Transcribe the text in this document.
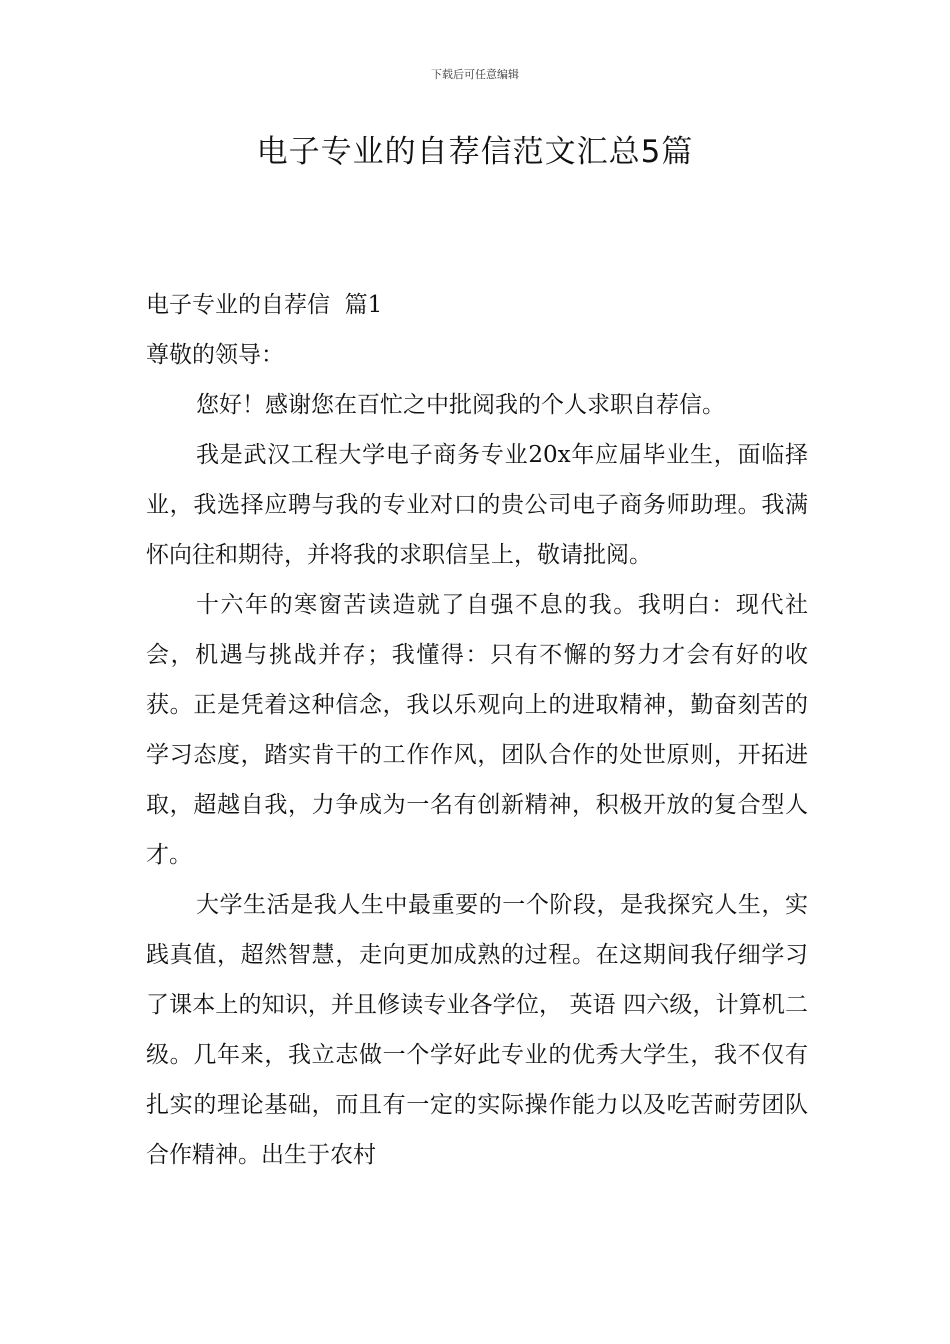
下载后可任意编辑
电子专业的自荐信范文汇总5篇

电子专业的自荐信  篇1

尊敬的领导：

您好！感谢您在百忙之中批阅我的个人求职自荐信。

我是武汉工程大学电子商务专业20x年应届毕业生，面临择业，我选择应聘与我的专业对口的贵公司电子商务师助理。我满怀向往和期待，并将我的求职信呈上，敬请批阅。

十六年的寒窗苦读造就了自强不息的我。我明白：现代社会，机遇与挑战并存；我懂得：只有不懈的努力才会有好的收获。正是凭着这种信念，我以乐观向上的进取精神，勤奋刻苦的学习态度，踏实肯干的工作作风，团队合作的处世原则，开拓进取，超越自我，力争成为一名有创新精神，积极开放的复合型人才。

大学生活是我人生中最重要的一个阶段，是我探究人生，实践真值，超然智慧，走向更加成熟的过程。在这期间我仔细学习了课本上的知识，并且修读专业各学位， 英语 四六级，计算机二级。几年来，我立志做一个学好此专业的优秀大学生，我不仅有扎实的理论基础，而且有一定的实际操作能力以及吃苦耐劳团队合作精神。出生于农村
